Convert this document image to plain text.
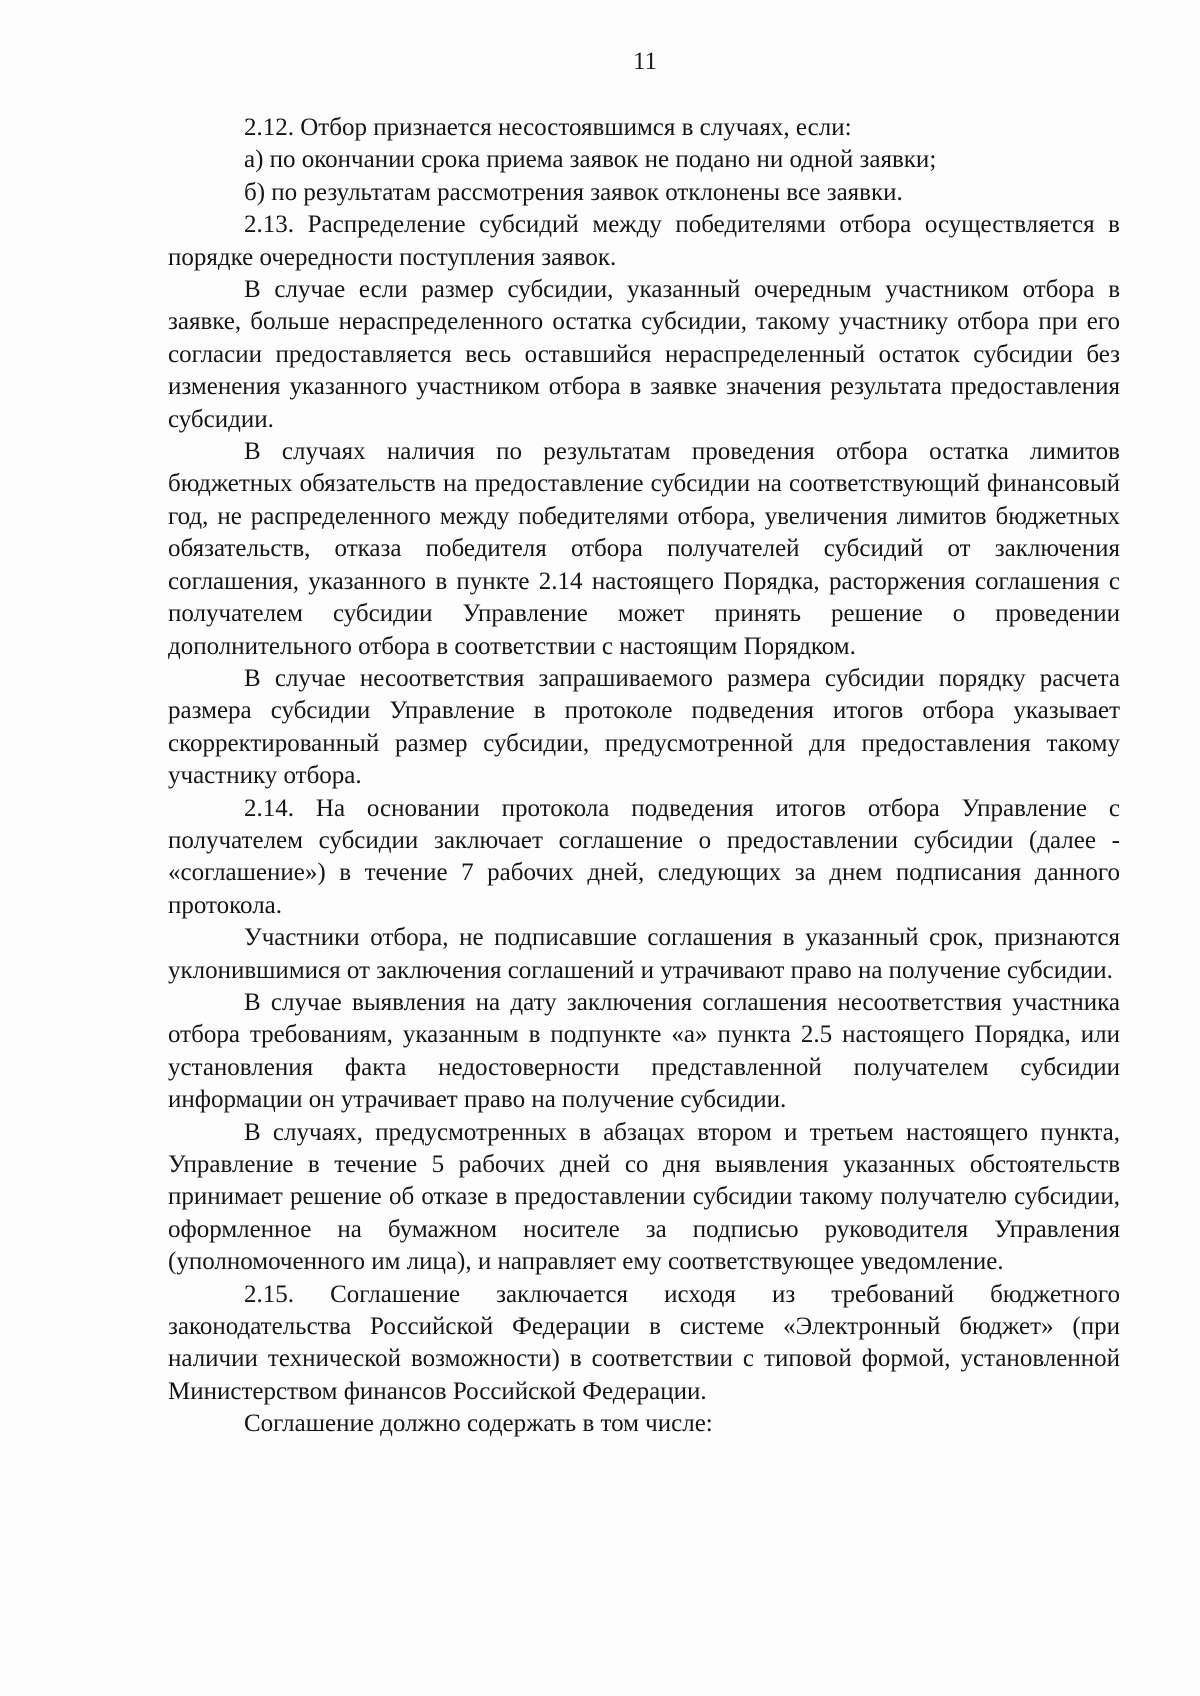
11

2.12. Отбор признается несостоявшимся в случаях, если:

а) по окончании срока приема заявок не подано ни одной заявки;

б) по результатам рассмотрения заявок отклонены все заявки.

2.13. Распределение субсидий между победителями отбора осуществляется в порядке очередности поступления заявок.

В случае если размер субсидии, указанный очередным участником отбора в заявке, больше нераспределенного остатка субсидии, такому участнику отбора при его согласии предоставляется весь оставшийся нераспределенный остаток субсидии без изменения указанного участником отбора в заявке значения результата предоставления субсидии.

В случаях наличия по результатам проведения отбора остатка лимитов бюджетных обязательств на предоставление субсидии на соответствующий финансовый год, не распределенного между победителями отбора, увеличения лимитов бюджетных обязательств, отказа победителя отбора получателей субсидий от заключения соглашения, указанного в пункте 2.14 настоящего Порядка, расторжения соглашения с получателем субсидии Управление может принять решение о проведении дополнительного отбора в соответствии с настоящим Порядком.

В случае несоответствия запрашиваемого размера субсидии порядку расчета размера субсидии Управление в протоколе подведения итогов отбора указывает скорректированный размер субсидии, предусмотренной для предоставления такому участнику отбора.

2.14. На основании протокола подведения итогов отбора Управление с получателем субсидии заключает соглашение о предоставлении субсидии (далее - «соглашение») в течение 7 рабочих дней, следующих за днем подписания данного протокола.

Участники отбора, не подписавшие соглашения в указанный срок, признаются уклонившимися от заключения соглашений и утрачивают право на получение субсидии.

В случае выявления на дату заключения соглашения несоответствия участника отбора требованиям, указанным в подпункте «а» пункта 2.5 настоящего Порядка, или установления факта недостоверности представленной получателем субсидии информации он утрачивает право на получение субсидии.

В случаях, предусмотренных в абзацах втором и третьем настоящего пункта, Управление в течение 5 рабочих дней со дня выявления указанных обстоятельств принимает решение об отказе в предоставлении субсидии такому получателю субсидии, оформленное на бумажном носителе за подписью руководителя Управления (уполномоченного им лица), и направляет ему соответствующее уведомление.

2.15. Соглашение заключается исходя из требований бюджетного законодательства Российской Федерации в системе «Электронный бюджет» (при наличии технической возможности) в соответствии с типовой формой, установленной Министерством финансов Российской Федерации.

Соглашение должно содержать в том числе:
